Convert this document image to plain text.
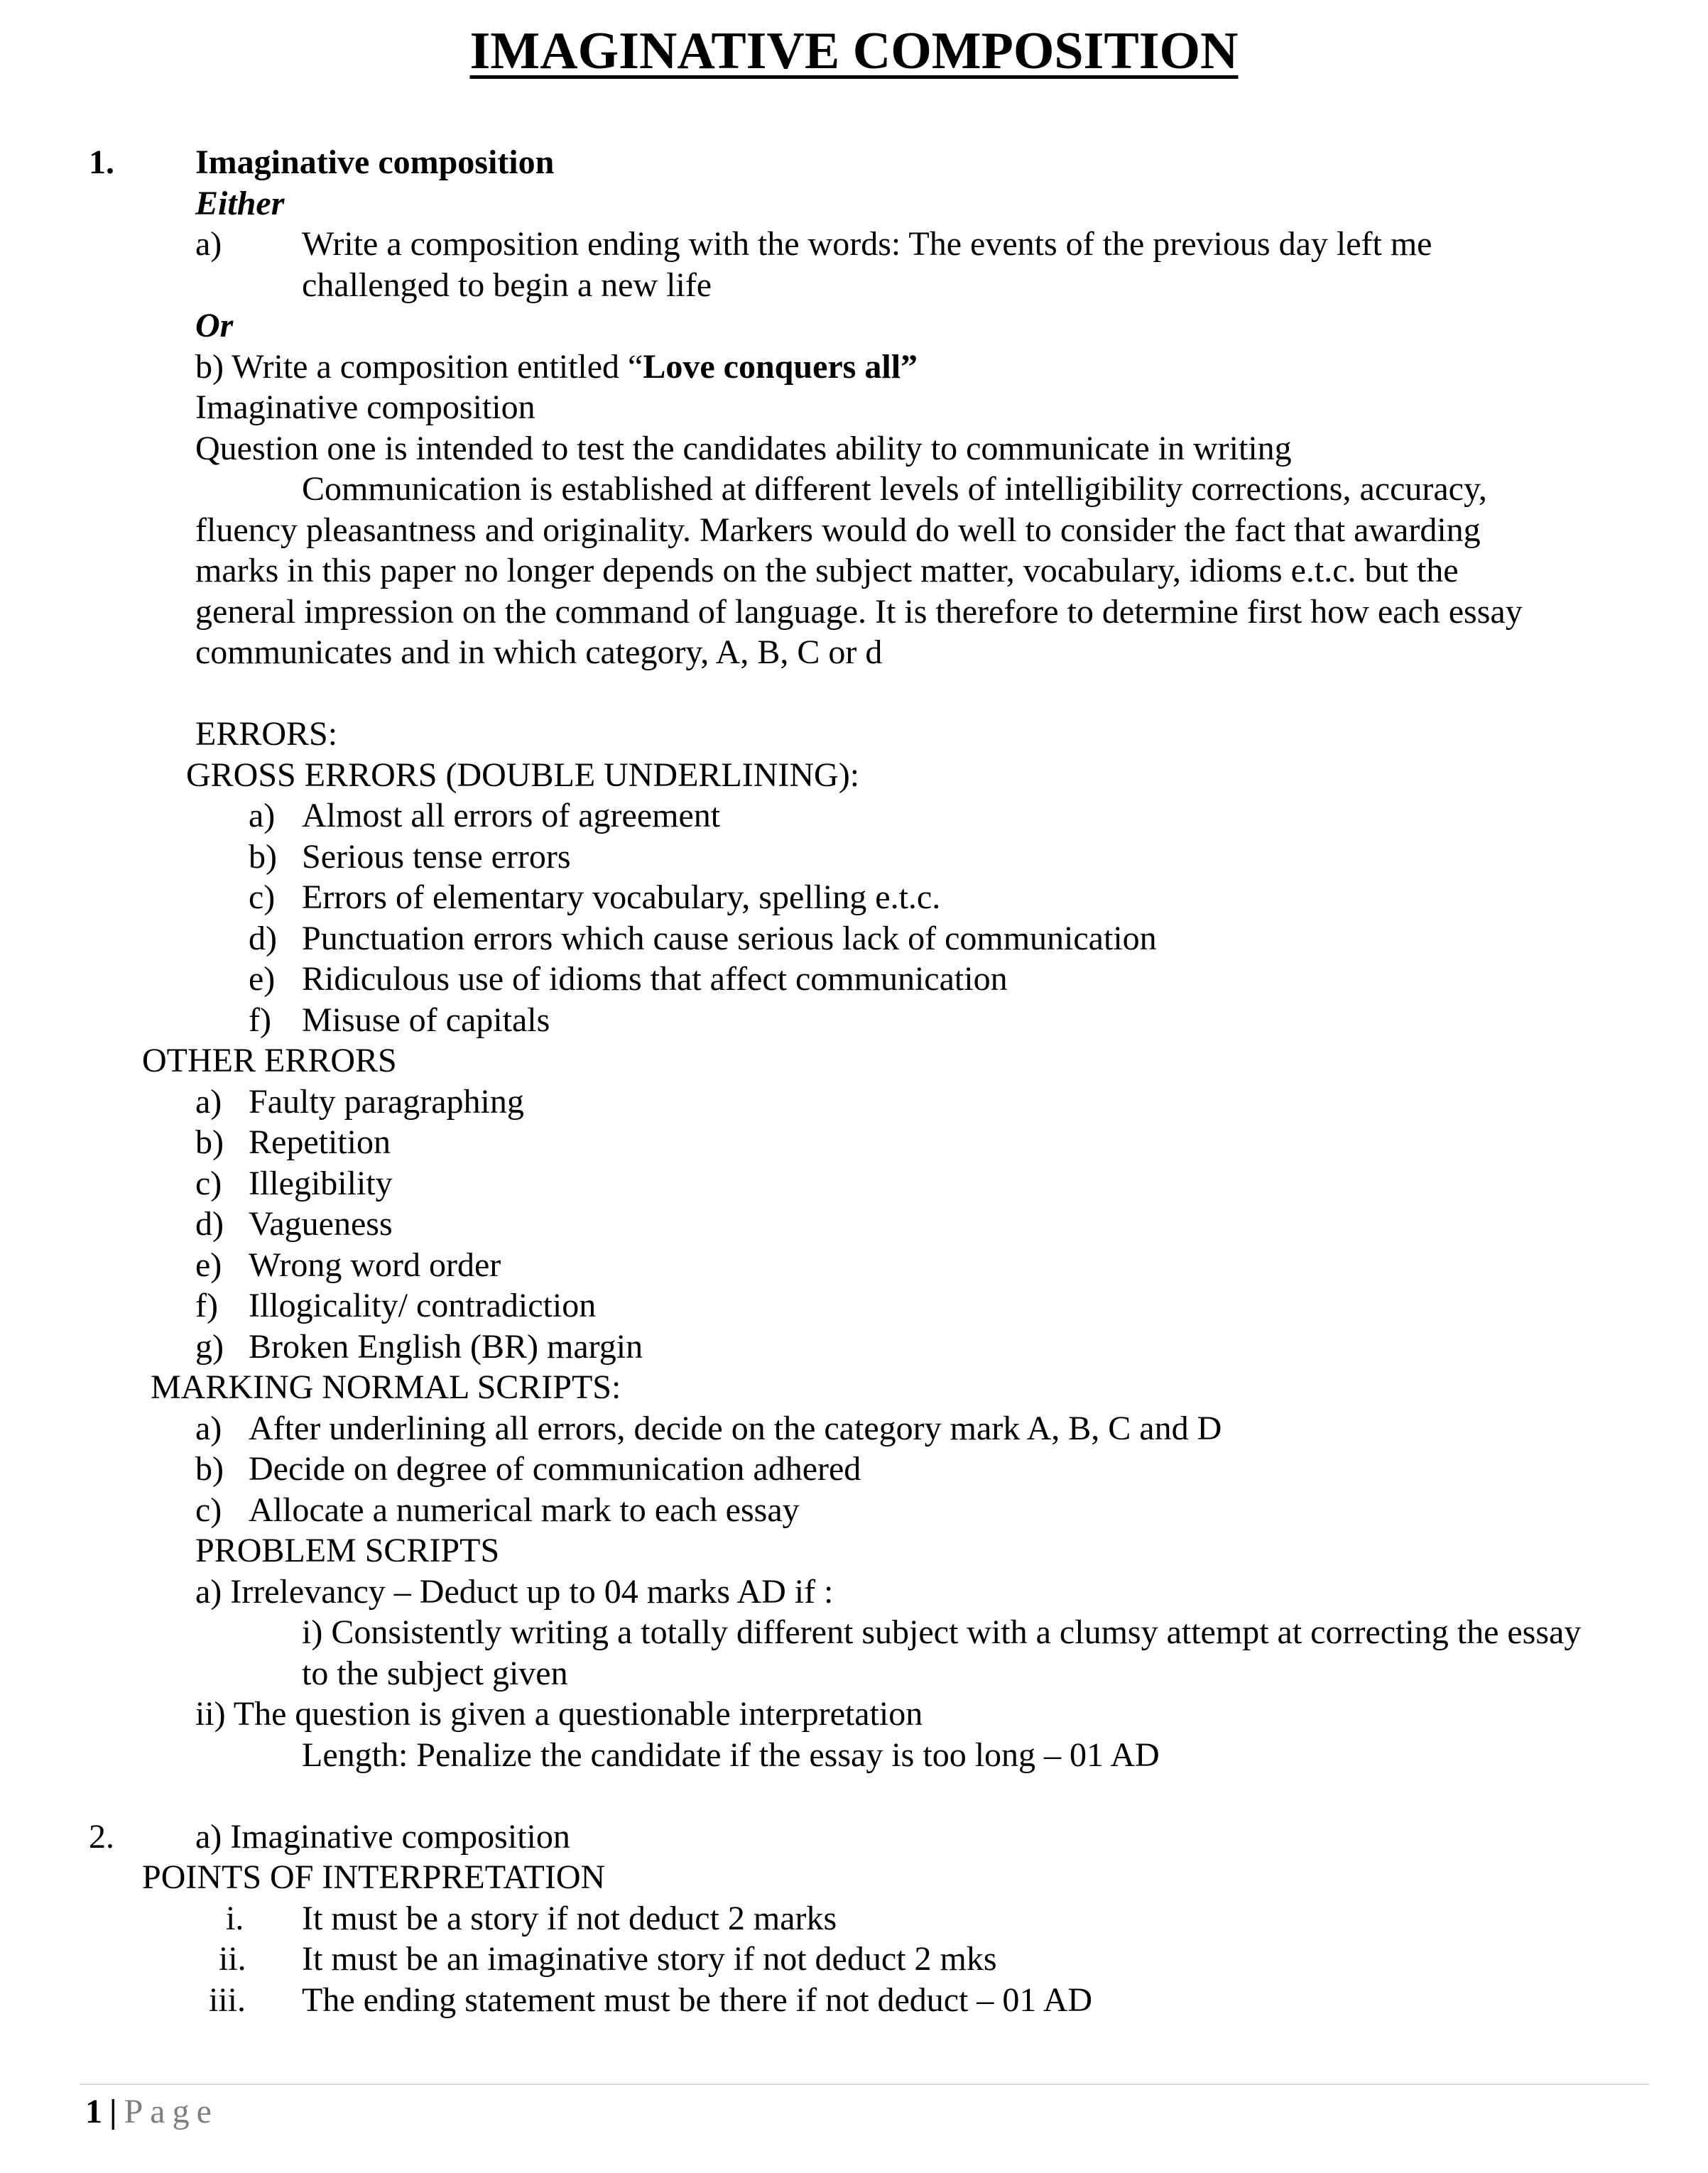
IMAGINATIVE COMPOSITION
1. Imaginative composition
Either
a) Write a composition ending with the words: The events of the previous day left me
challenged to begin a new life
Or
b) Write a composition entitled “Love conquers all”
Imaginative composition
Question one is intended to test the candidates ability to communicate in writing
Communication is established at different levels of intelligibility corrections, accuracy,
fluency pleasantness and originality. Markers would do well to consider the fact that awarding
marks in this paper no longer depends on the subject matter, vocabulary, idioms e.t.c. but the
general impression on the command of language. It is therefore to determine first how each essay
communicates and in which category, A, B, C or d
ERRORS:
GROSS ERRORS (DOUBLE UNDERLINING):
a) Almost all errors of agreement
b) Serious tense errors
c) Errors of elementary vocabulary, spelling e.t.c.
d) Punctuation errors which cause serious lack of communication
e) Ridiculous use of idioms that affect communication
f) Misuse of capitals
OTHER ERRORS
a) Faulty paragraphing
b) Repetition
c) Illegibility
d) Vagueness
e) Wrong word order
f) Illogicality/ contradiction
g) Broken English (BR) margin
MARKING NORMAL SCRIPTS:
a) After underlining all errors, decide on the category mark A, B, C and D
b) Decide on degree of communication adhered
c) Allocate a numerical mark to each essay
PROBLEM SCRIPTS
a) Irrelevancy – Deduct up to 04 marks AD if :
i) Consistently writing a totally different subject with a clumsy attempt at correcting the essay
to the subject given
ii) The question is given a questionable interpretation
Length: Penalize the candidate if the essay is too long – 01 AD
2. a) Imaginative composition
POINTS OF INTERPRETATION
i. It must be a story if not deduct 2 marks
ii. It must be an imaginative story if not deduct 2 mks
iii. The ending statement must be there if not deduct – 01 AD
1 | Page
